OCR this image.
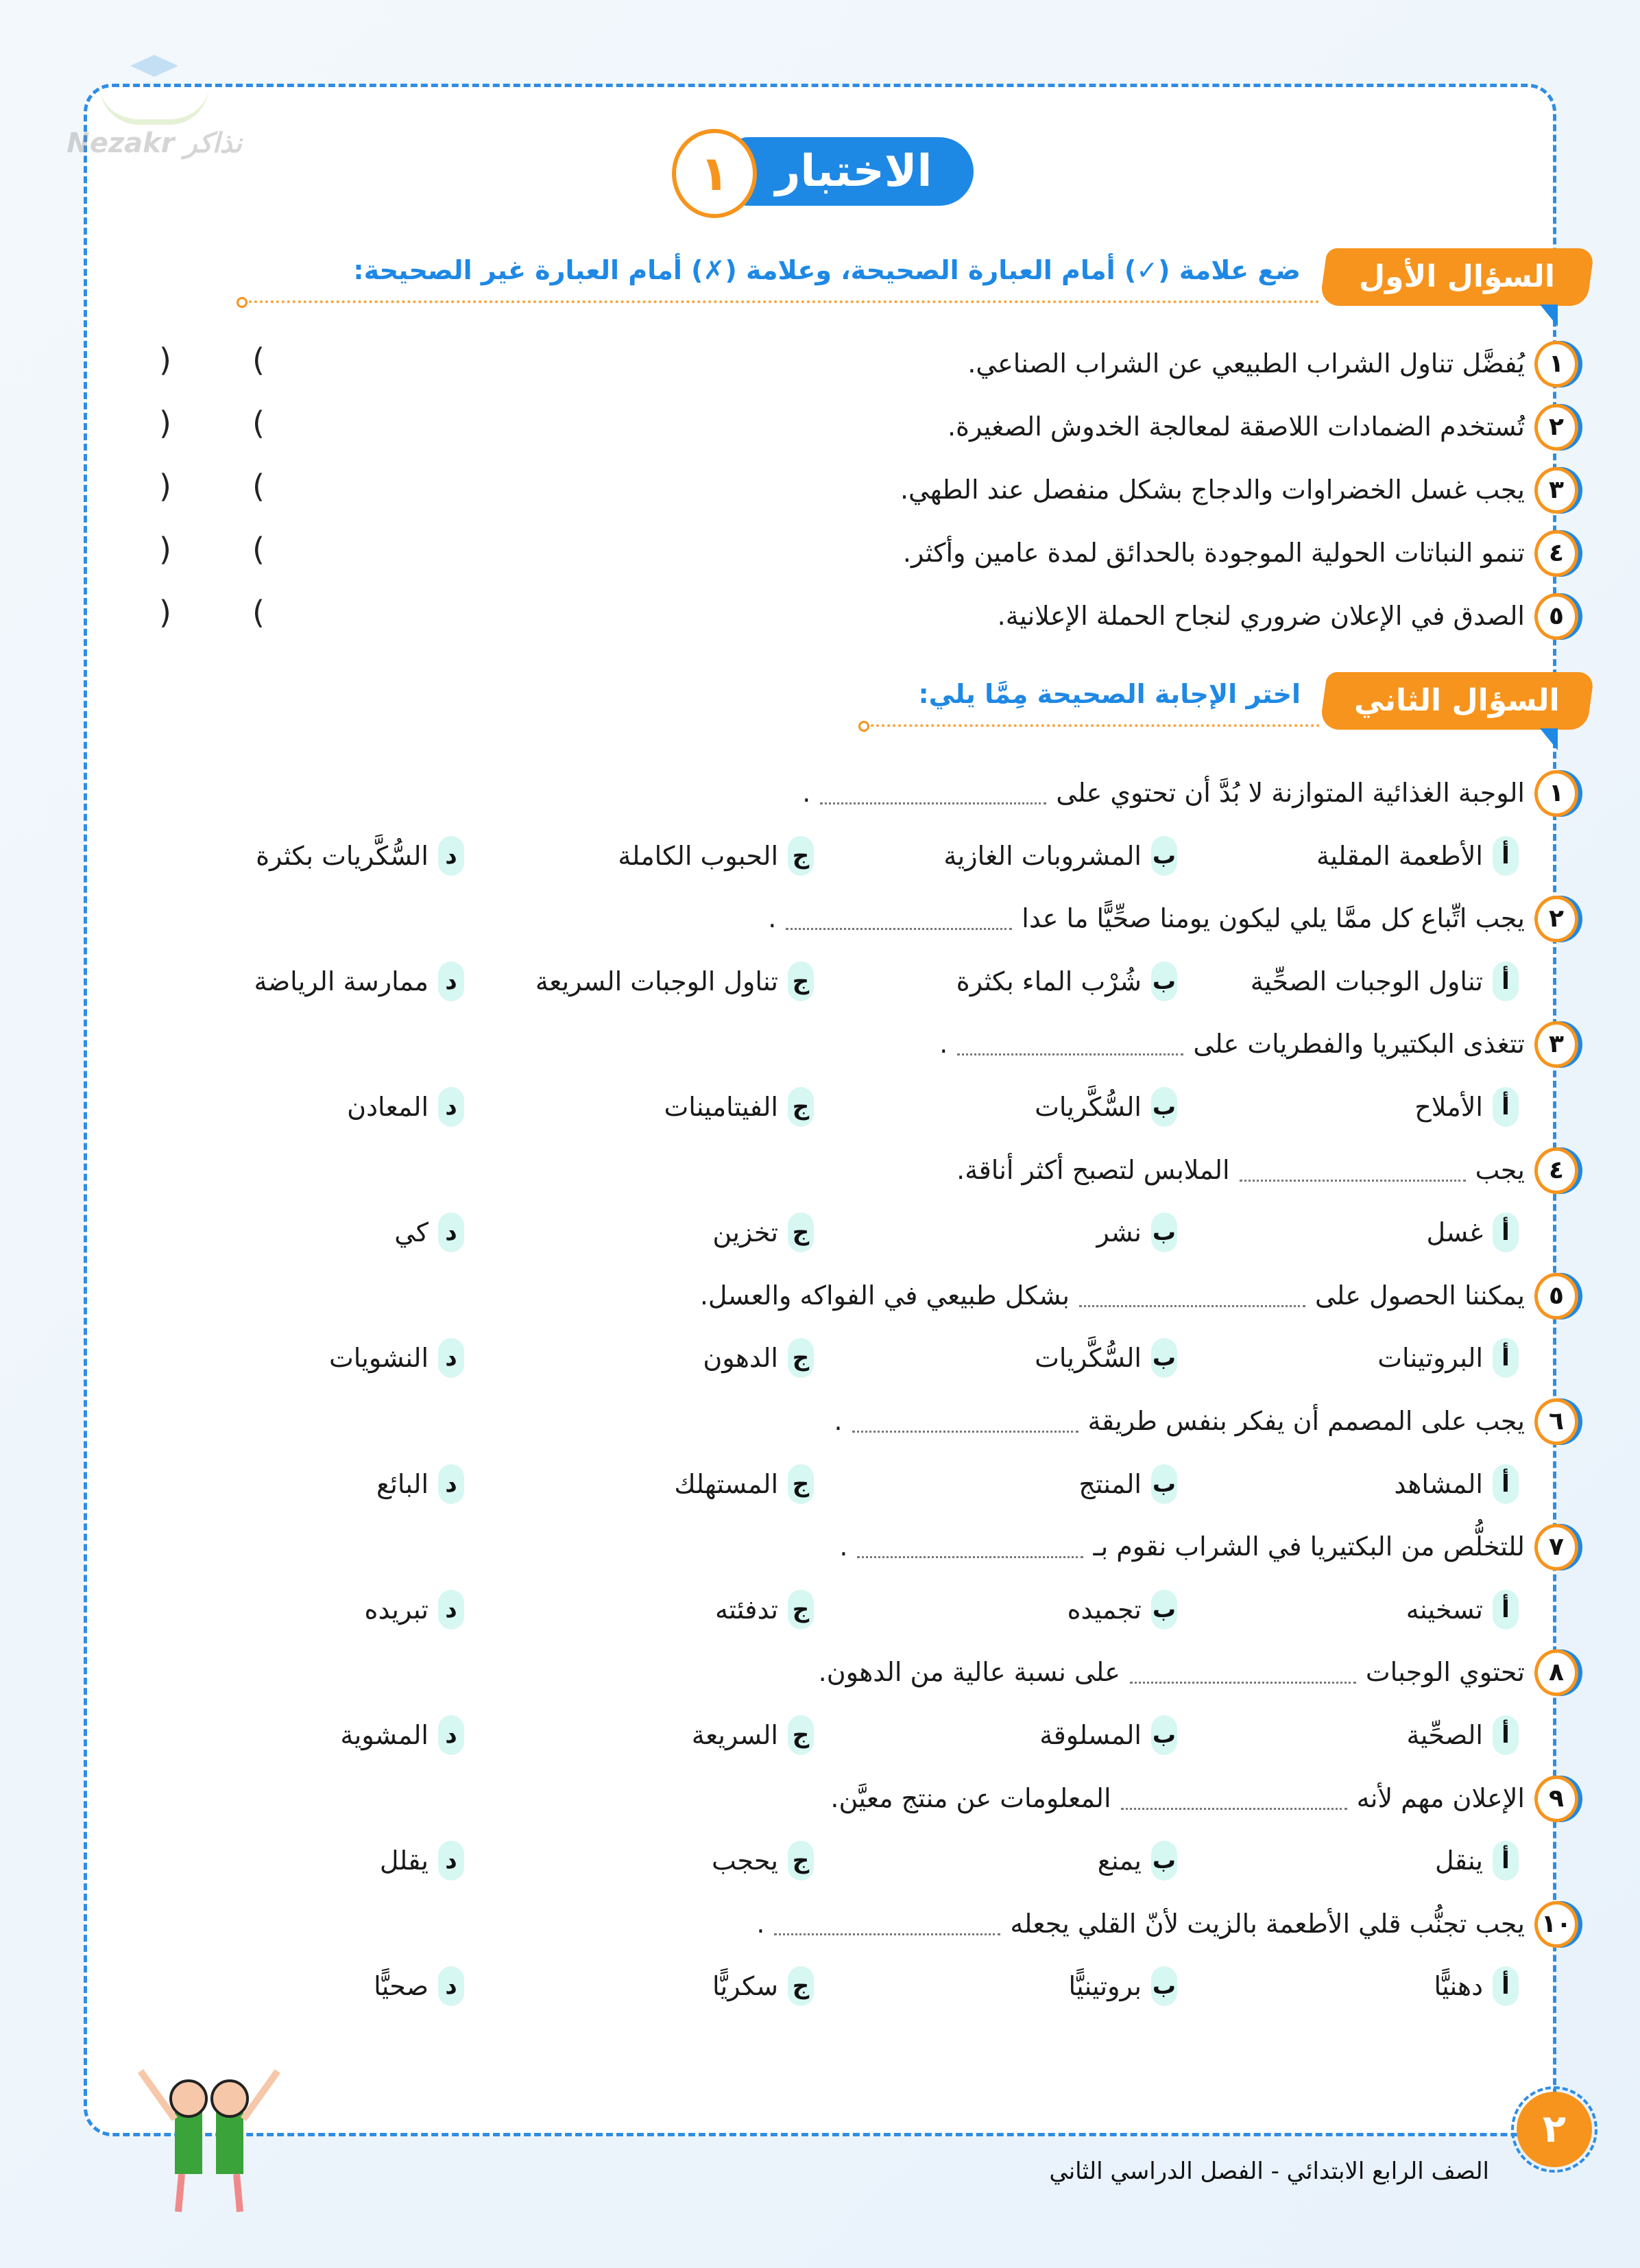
Nezakr نذاكر
الاختبار
١
السؤال الأول
ضع علامة (✓) أمام العبارة الصحيحة، وعلامة (✗) أمام العبارة غير الصحيحة:
١
يُفضَّل تناول الشراب الطبيعي عن الشراب الصناعي.
(
)
٢
تُستخدم الضمادات اللاصقة لمعالجة الخدوش الصغيرة.
(
)
٣
يجب غسل الخضراوات والدجاج بشكل منفصل عند الطهي.
(
)
٤
تنمو النباتات الحولية الموجودة بالحدائق لمدة عامين وأكثر.
(
)
٥
الصدق في الإعلان ضروري لنجاح الحملة الإعلانية.
(
)
السؤال الثاني
اختر الإجابة الصحيحة مِمَّا يلي:
١
الوجبة الغذائية المتوازنة لا بُدَّ أن تحتوي على.
أ
الأطعمة المقلية
ب
المشروبات الغازية
ج
الحبوب الكاملة
د
السُّكَّريات بكثرة
٢
يجب اتِّباع كل ممَّا يلي ليكون يومنا صحِّيًّا ما عدا.
أ
تناول الوجبات الصحِّية
ب
شُرْب الماء بكثرة
ج
تناول الوجبات السريعة
د
ممارسة الرياضة
٣
تتغذى البكتيريا والفطريات على.
أ
الأملاح
ب
السُّكَّريات
ج
الفيتامينات
د
المعادن
٤
يجبالملابس لتصبح أكثر أناقة.
أ
غسل
ب
نشر
ج
تخزين
د
كي
٥
يمكننا الحصول علىبشكل طبيعي في الفواكه والعسل.
أ
البروتينات
ب
السُّكَّريات
ج
الدهون
د
النشويات
٦
يجب على المصمم أن يفكر بنفس طريقة.
أ
المشاهد
ب
المنتج
ج
المستهلك
د
البائع
٧
للتخلُّص من البكتيريا في الشراب نقوم بـ.
أ
تسخينه
ب
تجميده
ج
تدفئته
د
تبريده
٨
تحتوي الوجباتعلى نسبة عالية من الدهون.
أ
الصحِّية
ب
المسلوقة
ج
السريعة
د
المشوية
٩
الإعلان مهم لأنهالمعلومات عن منتج معيَّن.
أ
ينقل
ب
يمنع
ج
يحجب
د
يقلل
١٠
يجب تجنُّب قلي الأطعمة بالزيت لأنّ القلي يجعله.
أ
دهنيًّا
ب
بروتينيًّا
ج
سكريًّا
د
صحيًّا
الصف الرابع الابتدائي - الفصل الدراسي الثاني
٢
